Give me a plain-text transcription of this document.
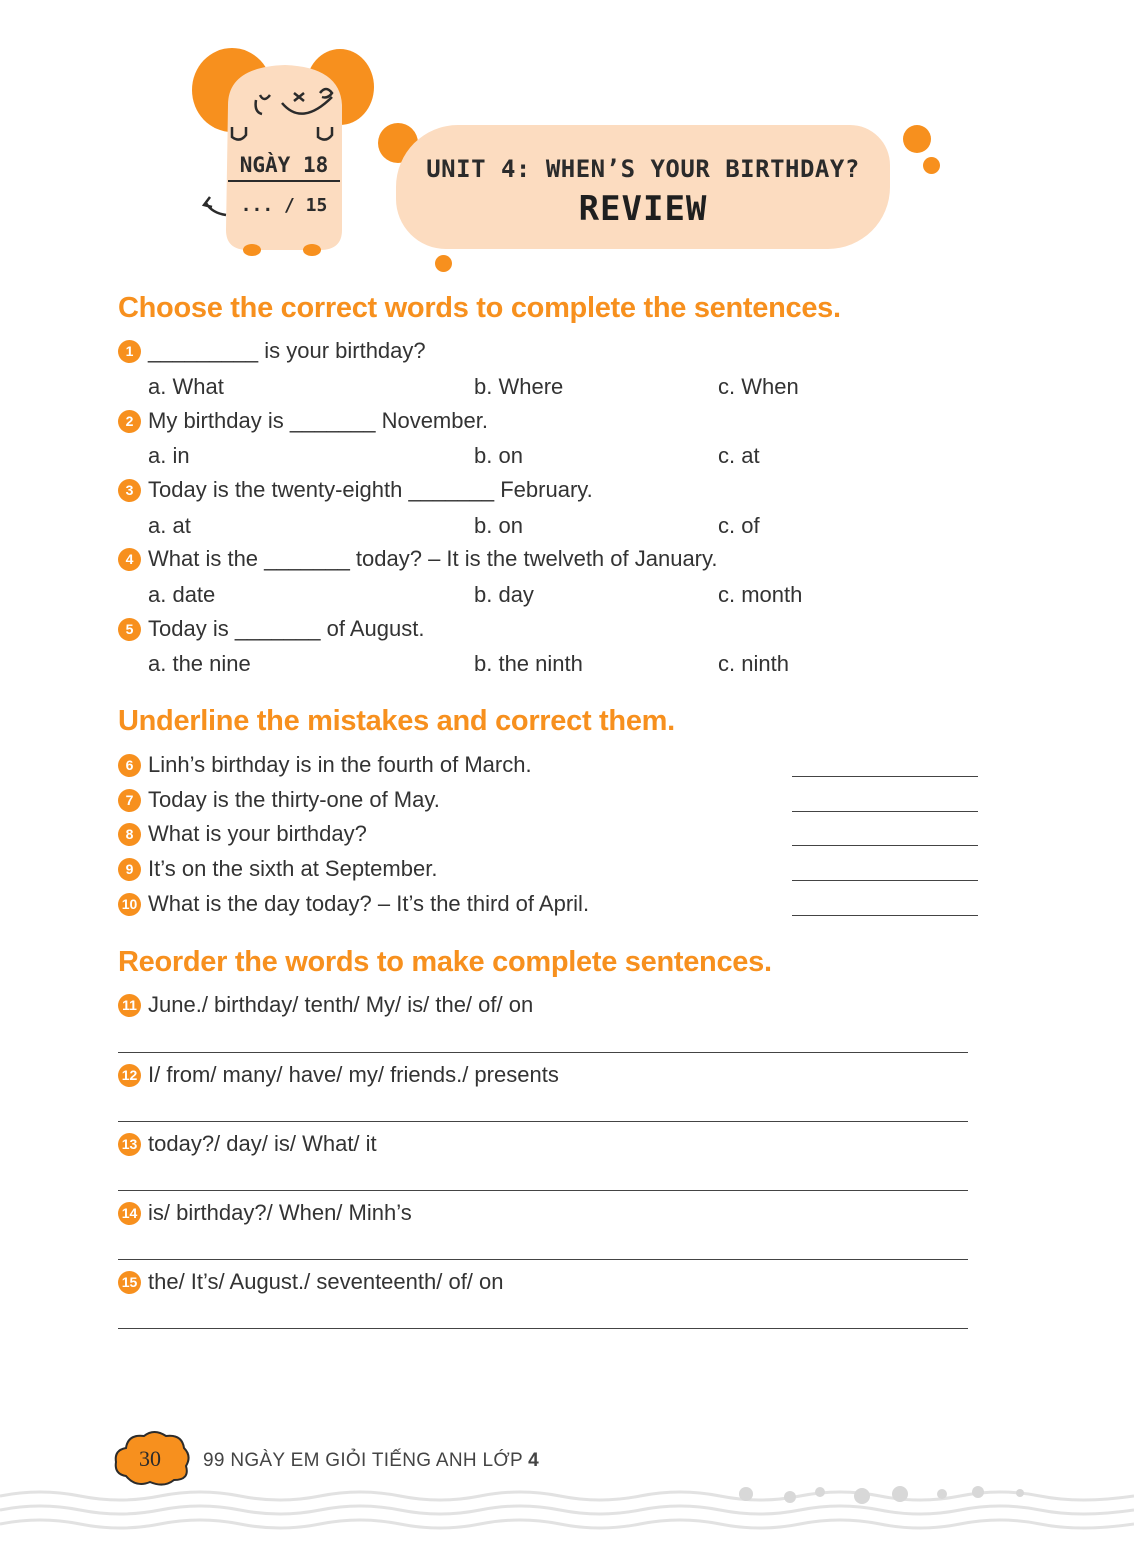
NGÀY 18
... / 15
UNIT 4: WHEN’S YOUR BIRTHDAY?
REVIEW
Choose the correct words to complete the sentences.
1 _________ is your birthday?
a. What	b. Where	c. When
2 My birthday is _______ November.
a. in	b. on	c. at
3 Today is the twenty-eighth _______ February.
a. at	b. on	c. of
4 What is the _______ today? – It is the twelveth of January.
a. date	b. day	c. month
5 Today is _______ of August.
a. the nine	b. the ninth	c. ninth
Underline the mistakes and correct them.
6 Linh’s birthday is in the fourth of March.
7 Today is the thirty-one of May.
8 What is your birthday?
9 It’s on the sixth at September.
10 What is the day today? – It’s the third of April.
Reorder the words to make complete sentences.
11 June./ birthday/ tenth/ My/ is/ the/ of/ on
12 I/ from/ many/ have/ my/ friends./ presents
13 today?/ day/ is/ What/ it
14 is/ birthday?/ When/ Minh’s
15 the/ It’s/ August./ seventeenth/ of/ on
30	99 NGÀY EM GIỎI TIẾNG ANH LỚP 4
